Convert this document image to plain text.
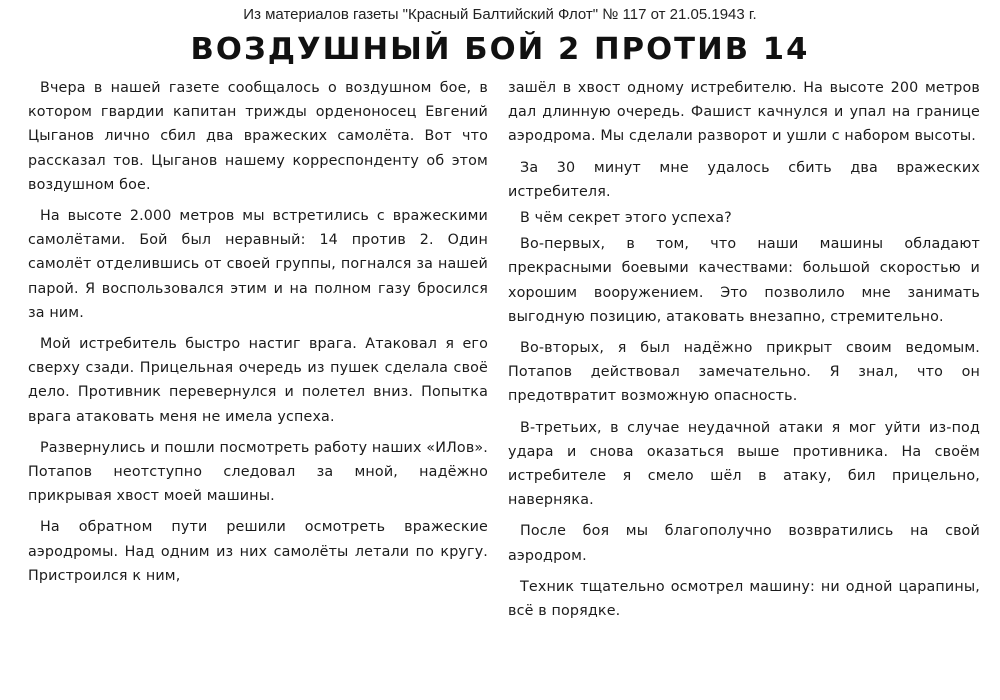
Из материалов газеты "Красный Балтийский Флот" № 117 от 21.05.1943 г.
ВОЗДУШНЫЙ БОЙ 2 ПРОТИВ 14

Вчера в нашей газете сообщалось о воздушном бое, в котором гвардии капитан трижды орденоносец Евгений Цыганов лично сбил два вражеских самолёта. Вот что рассказал тов. Цыганов нашему корреспонденту об этом воздушном бое.

На высоте 2.000 метров мы встретились с вражескими самолётами. Бой был неравный: 14 против 2. Один самолёт отделившись от своей группы, погнался за нашей парой. Я воспользовался этим и на полном газу бросился за ним.

Мой истребитель быстро настиг врага. Атаковал я его сверху сзади. Прицельная очередь из пушек сделала своё дело. Противник перевернулся и полетел вниз. Попытка врага атаковать меня не имела успеха.

Развернулись и пошли посмотреть работу наших «ИЛов». Потапов неотступно следовал за мной, надёжно прикрывая хвост моей машины.

На обратном пути решили осмотреть вражеские аэродромы. Над одним из них самолёты летали по кругу. Пристроился к ним,

зашёл в хвост одному истребителю. На высоте 200 метров дал длинную очередь. Фашист качнулся и упал на границе аэродрома. Мы сделали разворот и ушли с набором высоты.

За 30 минут мне удалось сбить два вражеских истребителя.

В чём секрет этого успеха?

Во-первых, в том, что наши машины обладают прекрасными боевыми качествами: большой скоростью и хорошим вооружением. Это позволило мне занимать выгодную позицию, атаковать внезапно, стремительно.

Во-вторых, я был надёжно прикрыт своим ведомым. Потапов действовал замечательно. Я знал, что он предотвратит возможную опасность.

В-третьих, в случае неудачной атаки я мог уйти из-под удара и снова оказаться выше противника. На своём истребителе я смело шёл в атаку, бил прицельно, наверняка.

После боя мы благополучно возвратились на свой аэродром.

Техник тщательно осмотрел машину: ни одной царапины, всё в порядке.
